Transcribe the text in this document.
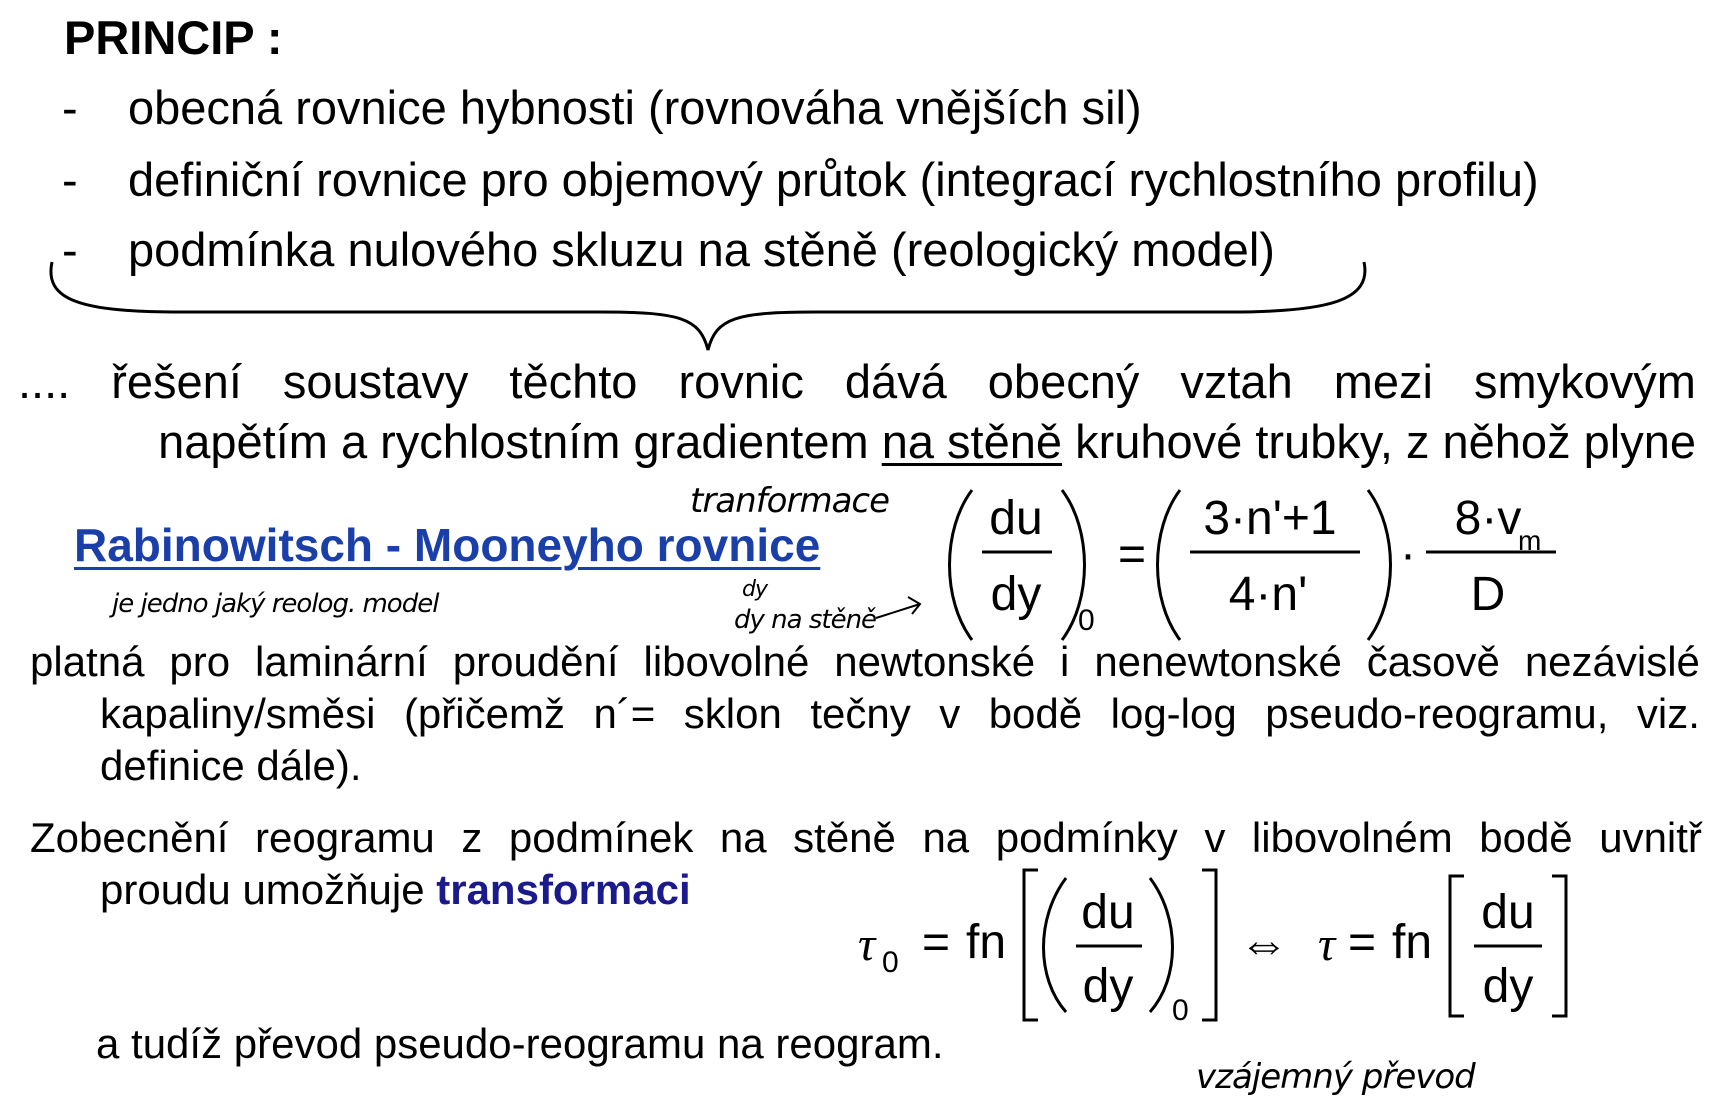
PRINCIP :
- obecná rovnice hybnosti (rovnováha vnějších sil)
- definiční rovnice pro objemový průtok (integrací rychlostního profilu)
- podmínka nulového skluzu na stěně (reologický model)
.... řešení soustavy těchto rovnic dává obecný vztah mezi smykovým
napětím a rychlostním gradientem na stěně kruhové trubky, z něhož plyne
Rabinowitsch - Mooneyho rovnice
platná pro laminární proudění libovolné newtonské i nenewtonské časově nezávislé
kapaliny/směsi (přičemž n´= sklon tečny v bodě log-log pseudo-reogramu, viz.
definice dále).
Zobecnění reogramu z podmínek na stěně na podmínky v libovolném bodě uvnitř
proudu umožňuje transformaci
a tudíž převod pseudo-reogramu na reogram.
tranformace
je jedno jaký reolog. model	dy
dy na stěně
vzájemný převod
du
dy 0
=
3·n'+1
4·n'
·
8·v
m
D
τ 0 = fn
du
dy 0
⇔ τ = fn
du
dy
